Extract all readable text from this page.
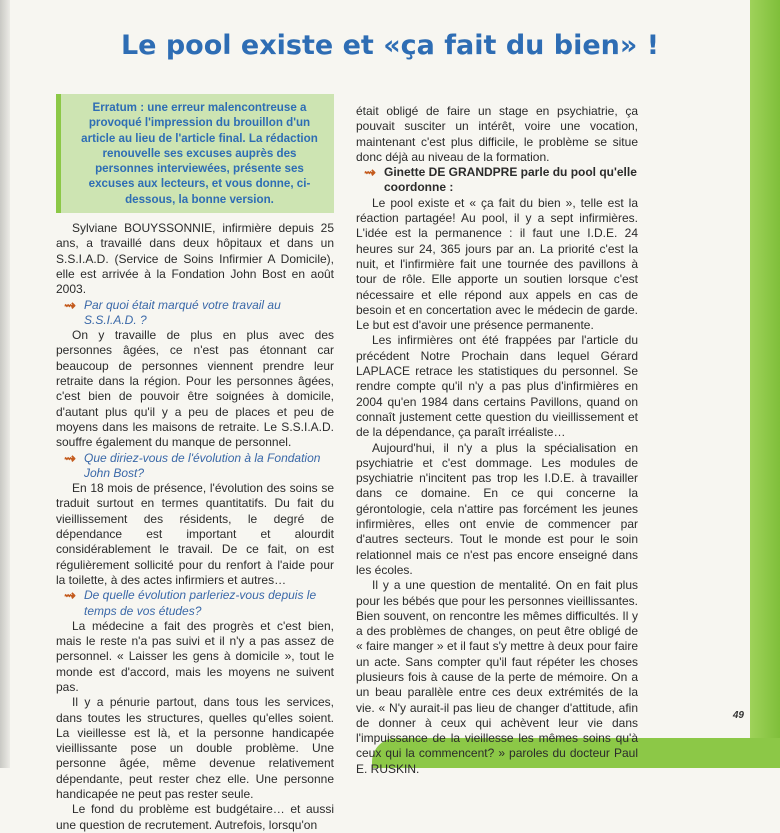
Le pool existe et «ça fait du bien» !
Erratum : une erreur malencontreuse a provoqué l'impression du brouillon d'un article au lieu de l'article final. La rédaction renouvelle ses excuses auprès des personnes interviewées, présente ses excuses aux lecteurs, et vous donne, ci-dessous, la bonne version.

Sylviane BOUYSSONNIE, infirmière depuis 25 ans, a travaillé dans deux hôpitaux et dans un S.S.I.A.D. (Service de Soins Infirmier A Domicile), elle est arrivée à la Fondation John Bost en août 2003.

⇝ Par quoi était marqué votre travail au S.S.I.A.D. ?

On y travaille de plus en plus avec des personnes âgées, ce n'est pas étonnant car beaucoup de personnes viennent prendre leur retraite dans la région. Pour les personnes âgées, c'est bien de pouvoir être soignées à domicile, d'autant plus qu'il y a peu de places et peu de moyens dans les maisons de retraite. Le S.S.I.A.D. souffre également du manque de personnel.

⇝ Que diriez-vous de l'évolution à la Fondation John Bost?

En 18 mois de présence, l'évolution des soins se traduit surtout en termes quantitatifs. Du fait du vieillissement des résidents, le degré de dépendance est important et alourdit considérablement le travail. De ce fait, on est régulièrement sollicité pour du renfort à l'aide pour la toilette, à des actes infirmiers et autres…

⇝ De quelle évolution parleriez-vous depuis le temps de vos études?

La médecine a fait des progrès et c'est bien, mais le reste n'a pas suivi et il n'y a pas assez de personnel. « Laisser les gens à domicile », tout le monde est d'accord, mais les moyens ne suivent pas.

Il y a pénurie partout, dans tous les services, dans toutes les structures, quelles qu'elles soient. La vieillesse est là, et la personne handicapée vieillissante pose un double problème. Une personne âgée, même devenue relativement dépendante, peut rester chez elle. Une personne handicapée ne peut pas rester seule.

Le fond du problème est budgétaire… et aussi une question de recrutement. Autrefois, lorsqu'on

était obligé de faire un stage en psychiatrie, ça pouvait susciter un intérêt, voire une vocation, maintenant c'est plus difficile, le problème se situe donc déjà au niveau de la formation.

⇝ Ginette DE GRANDPRE parle du pool qu'elle coordonne :

Le pool existe et « ça fait du bien », telle est la réaction partagée! Au pool, il y a sept infirmières. L'idée est la permanence : il faut une I.D.E. 24 heures sur 24, 365 jours par an. La priorité c'est la nuit, et l'infirmière fait une tournée des pavillons à tour de rôle. Elle apporte un soutien lorsque c'est nécessaire et elle répond aux appels en cas de besoin et en concertation avec le médecin de garde. Le but est d'avoir une présence permanente.

Les infirmières ont été frappées par l'article du précédent Notre Prochain dans lequel Gérard LAPLACE retrace les statistiques du personnel. Se rendre compte qu'il n'y a pas plus d'infirmières en 2004 qu'en 1984 dans certains Pavillons, quand on connaît justement cette question du vieillissement et de la dépendance, ça paraît irréaliste…

Aujourd'hui, il n'y a plus la spécialisation en psychiatrie et c'est dommage. Les modules de psychiatrie n'incitent pas trop les I.D.E. à travailler dans ce domaine. En ce qui concerne la gérontologie, cela n'attire pas forcément les jeunes infirmières, elles ont envie de commencer par d'autres secteurs. Tout le monde est pour le soin relationnel mais ce n'est pas encore enseigné dans les écoles.

Il y a une question de mentalité. On en fait plus pour les bébés que pour les personnes vieillissantes. Bien souvent, on rencontre les mêmes difficultés. Il y a des problèmes de changes, on peut être obligé de « faire manger » et il faut s'y mettre à deux pour faire un acte. Sans compter qu'il faut répéter les choses plusieurs fois à cause de la perte de mémoire. On a un beau parallèle entre ces deux extrémités de la vie. « N'y aurait-il pas lieu de changer d'attitude, afin de donner à ceux qui achèvent leur vie dans l'impuissance de la vieillesse les mêmes soins qu'à ceux qui la commencent? » paroles du docteur Paul E. RUSKIN.

49
